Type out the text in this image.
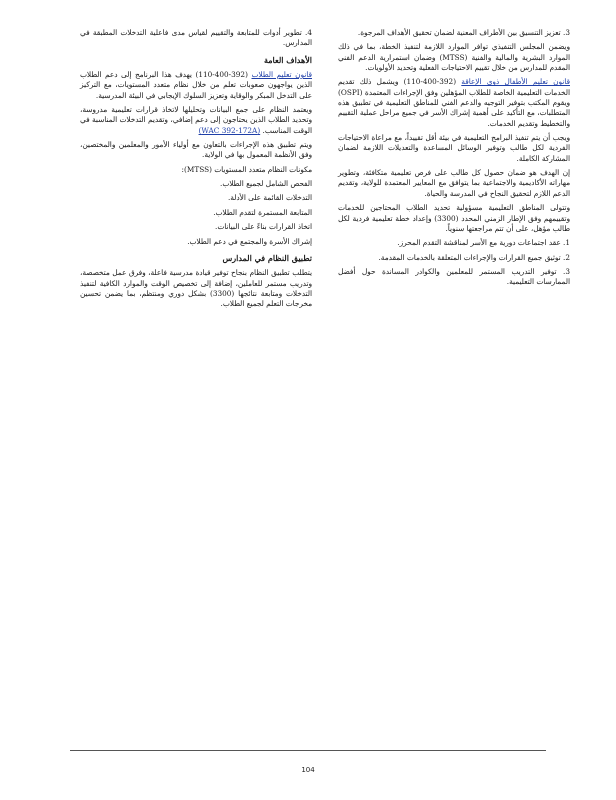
3. تعزيز التنسيق بين الأطراف المعنية لضمان تحقيق الأهداف المرجوة.

ويضمن المجلس التنفيذي توافر الموارد اللازمة لتنفيذ الخطة، بما في ذلك الموارد البشرية والمالية والفنية (MTSS) وضمان استمرارية الدعم الفني المقدم للمدارس من خلال تقييم الاحتياجات الفعلية وتحديد الأولويات.

قانون تعليم الأطفال ذوي الإعاقة (392-400-110) ويشمل ذلك تقديم الخدمات التعليمية الخاصة للطلاب المؤهلين وفق الإجراءات المعتمدة (OSPI) ويقوم المكتب بتوفير التوجيه والدعم الفني للمناطق التعليمية في تطبيق هذه المتطلبات، مع التأكيد على أهمية إشراك الأسر في جميع مراحل عملية التقييم والتخطيط وتقديم الخدمات.

ويجب أن يتم تنفيذ البرامج التعليمية في بيئة أقل تقييداً، مع مراعاة الاحتياجات الفردية لكل طالب وتوفير الوسائل المساعدة والتعديلات اللازمة لضمان المشاركة الكاملة.

إن الهدف هو ضمان حصول كل طالب على فرص تعليمية متكافئة، وتطوير مهاراته الأكاديمية والاجتماعية بما يتوافق مع المعايير المعتمدة للولاية، وتقديم الدعم اللازم لتحقيق النجاح في المدرسة والحياة.

وتتولى المناطق التعليمية مسؤولية تحديد الطلاب المحتاجين للخدمات وتقييمهم وفق الإطار الزمني المحدد (3300) وإعداد خطة تعليمية فردية لكل طالب مؤهل، على أن تتم مراجعتها سنوياً.

1. عقد اجتماعات دورية مع الأسر لمناقشة التقدم المحرز.

2. توثيق جميع القرارات والإجراءات المتعلقة بالخدمات المقدمة.

3. توفير التدريب المستمر للمعلمين والكوادر المساندة حول أفضل الممارسات التعليمية.

4. تطوير أدوات للمتابعة والتقييم لقياس مدى فاعلية التدخلات المطبقة في المدارس.

الأهداف العامة

قانون تعليم الطلاب (392-400-110) يهدف هذا البرنامج إلى دعم الطلاب الذين يواجهون صعوبات تعلم من خلال نظام متعدد المستويات، مع التركيز على التدخل المبكر والوقاية وتعزيز السلوك الإيجابي في البيئة المدرسية.

ويعتمد النظام على جمع البيانات وتحليلها لاتخاذ قرارات تعليمية مدروسة، وتحديد الطلاب الذين يحتاجون إلى دعم إضافي، وتقديم التدخلات المناسبة في الوقت المناسب. (WAC 392-172A)

ويتم تطبيق هذه الإجراءات بالتعاون مع أولياء الأمور والمعلمين والمختصين، وفق الأنظمة المعمول بها في الولاية.

مكونات النظام متعدد المستويات (MTSS):

الفحص الشامل لجميع الطلاب.

التدخلات القائمة على الأدلة.

المتابعة المستمرة لتقدم الطلاب.

اتخاذ القرارات بناءً على البيانات.

إشراك الأسرة والمجتمع في دعم الطلاب.

تطبيق النظام في المدارس

يتطلب تطبيق النظام بنجاح توفير قيادة مدرسية فاعلة، وفرق عمل متخصصة، وتدريب مستمر للعاملين، إضافة إلى تخصيص الوقت والموارد الكافية لتنفيذ التدخلات ومتابعة نتائجها (3300) بشكل دوري ومنتظم، بما يضمن تحسين مخرجات التعلم لجميع الطلاب.

104
